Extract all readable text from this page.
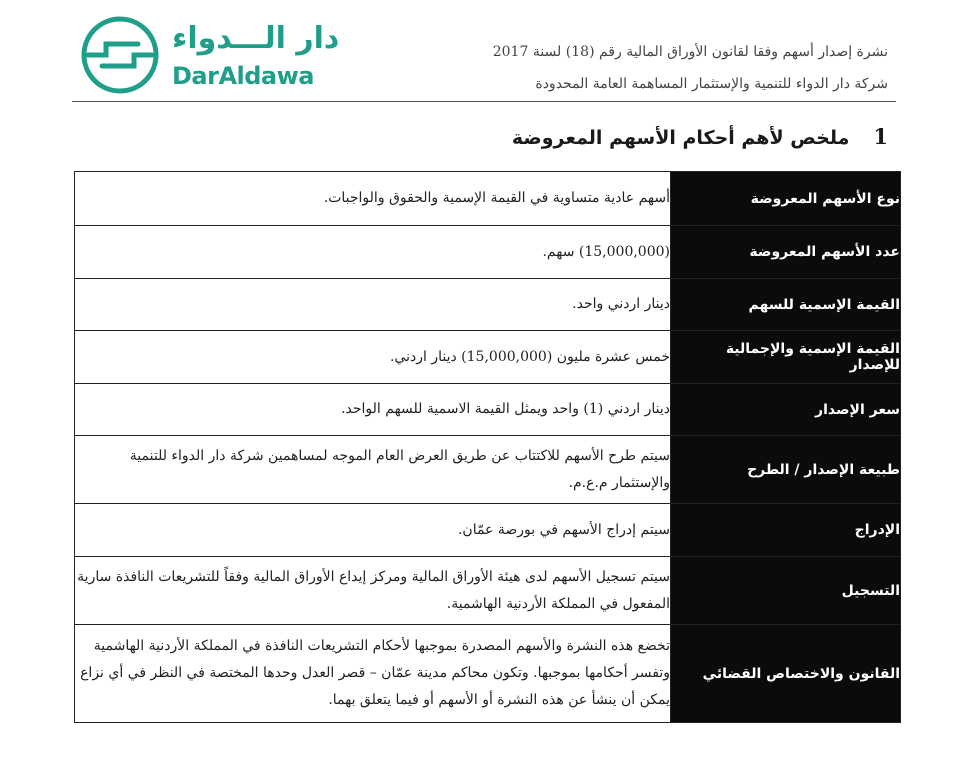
دار الـــدواء
DarAldawa
نشرة إصدار أسهم وفقا لقانون الأوراق المالية رقم (18) لسنة 2017
شركة دار الدواء للتنمية والإستثمار المساهمة العامة المحدودة
1ملخص لأهم أحكام الأسهم المعروضة
أسهم عادية متساوية في القيمة الإسمية والحقوق والواجبات.	نوع الأسهم المعروضة
(15,000,000) سهم.	عدد الأسهم المعروضة
دينار اردني واحد.	القيمة الإسمية للسهم
خمس عشرة مليون (15,000,000) دينار اردني.	القيمة الإسمية والإجمالية للإصدار
دينار اردني (1) واحد ويمثل القيمة الاسمية للسهم الواحد.	سعر الإصدار
سيتم طرح الأسهم للاكتتاب عن طريق العرض العام الموجه لمساهمين شركة دار الدواء للتنمية والإستثمار م.ع.م.	طبيعة الإصدار / الطرح
سيتم إدراج الأسهم في بورصة عمّان.	الإدراج
سيتم تسجيل الأسهم لدى هيئة الأوراق المالية ومركز إيداع الأوراق المالية وفقاً للتشريعات النافذة سارية المفعول في المملكة الأردنية الهاشمية.	التسجيل
تخضع هذه النشرة والأسهم المصدرة بموجبها لأحكام التشريعات النافذة في المملكة الأردنية الهاشمية وتفسر أحكامها بموجبها. وتكون محاكم مدينة عمّان – قصر العدل وحدها المختصة في النظر في أي نزاع يمكن أن ينشأ عن هذه النشرة أو الأسهم أو فيما يتعلق بهما.	القانون والاختصاص القضائي
